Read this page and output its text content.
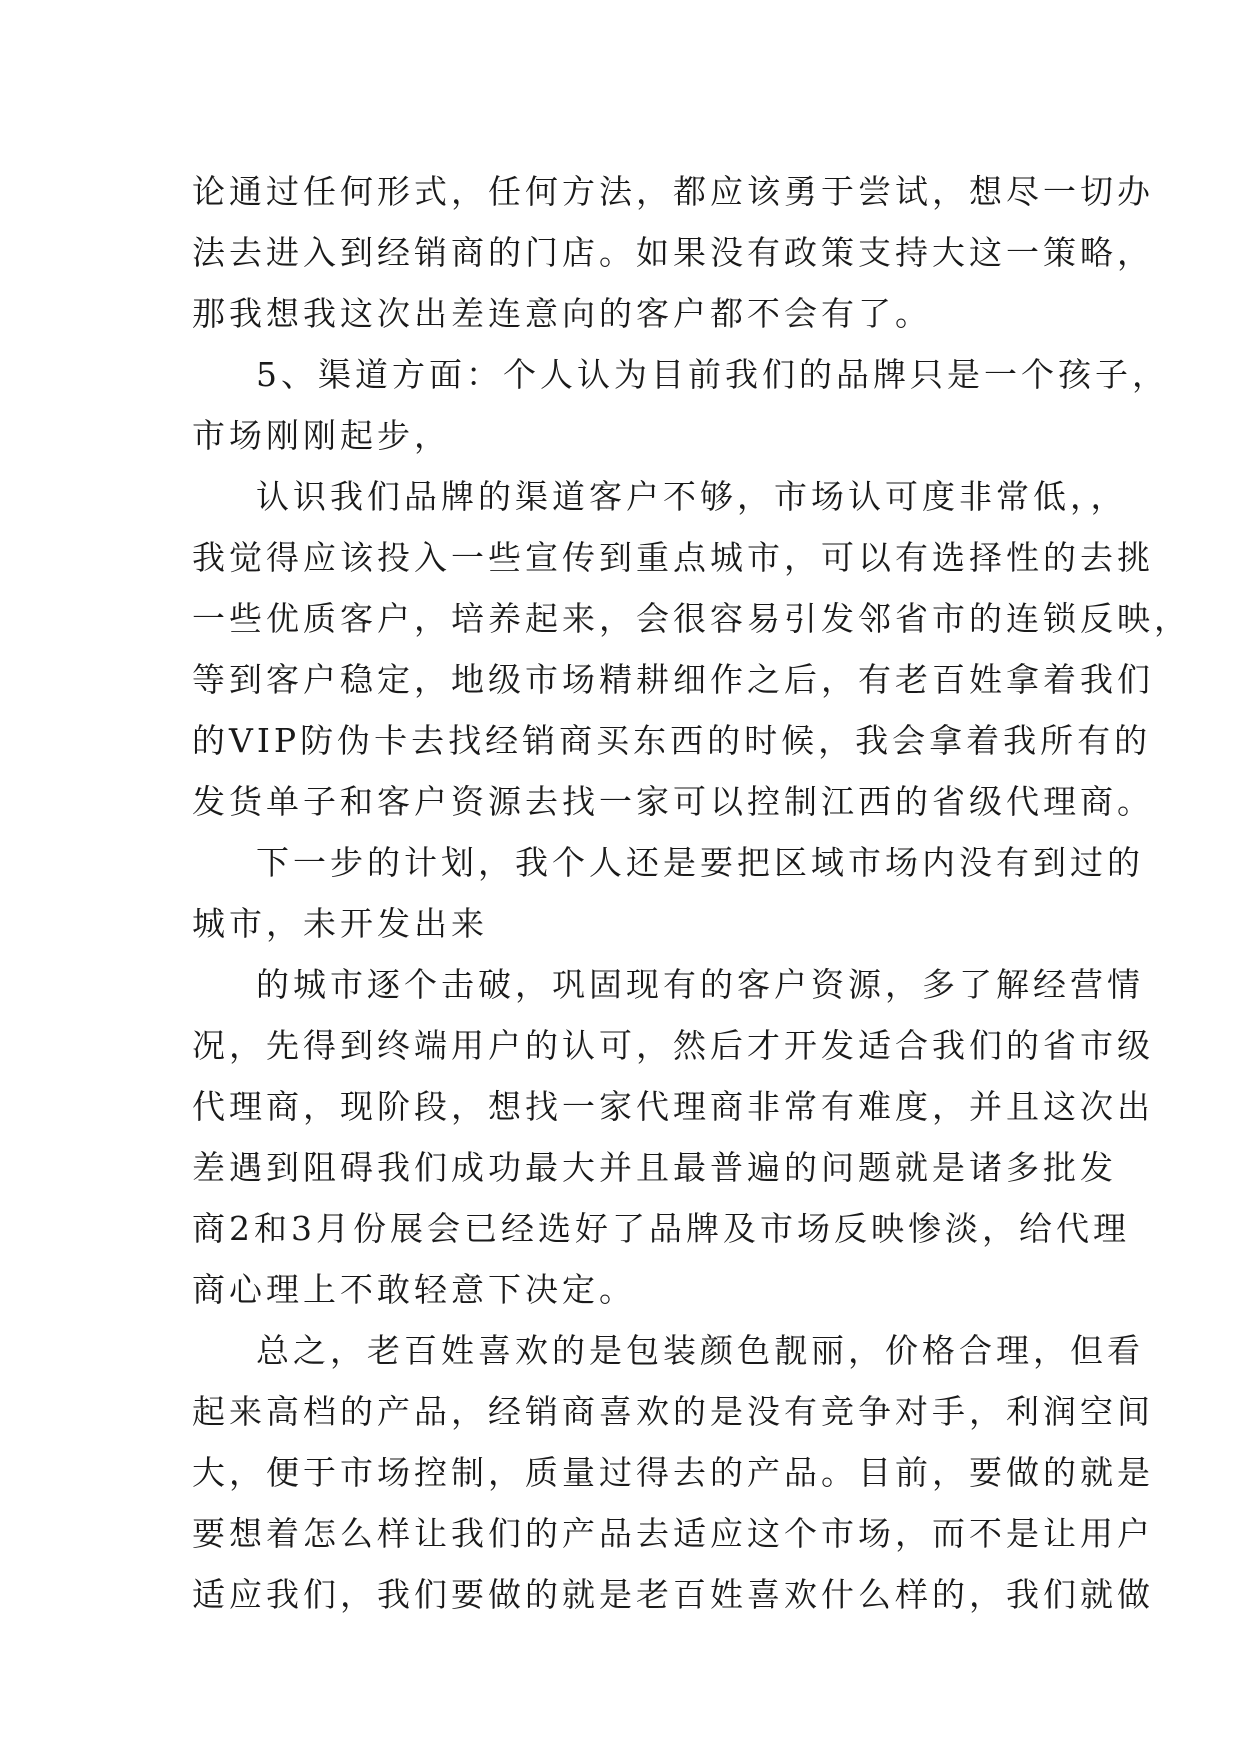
论通过任何形式，任何方法，都应该勇于尝试，想尽一切办
法去进入到经销商的门店。如果没有政策支持大这一策略，
那我想我这次出差连意向的客户都不会有了。
5、渠道方面：个人认为目前我们的品牌只是一个孩子，
市场刚刚起步，
认识我们品牌的渠道客户不够，市场认可度非常低，，
我觉得应该投入一些宣传到重点城市，可以有选择性的去挑
一些优质客户，培养起来，会很容易引发邻省市的连锁反映，
等到客户稳定，地级市场精耕细作之后，有老百姓拿着我们
的VIP防伪卡去找经销商买东西的时候，我会拿着我所有的
发货单子和客户资源去找一家可以控制江西的省级代理商。
下一步的计划，我个人还是要把区域市场内没有到过的
城市，未开发出来
的城市逐个击破，巩固现有的客户资源，多了解经营情
况，先得到终端用户的认可，然后才开发适合我们的省市级
代理商，现阶段，想找一家代理商非常有难度，并且这次出
差遇到阻碍我们成功最大并且最普遍的问题就是诸多批发
商2和3月份展会已经选好了品牌及市场反映惨淡，给代理
商心理上不敢轻意下决定。
总之，老百姓喜欢的是包装颜色靓丽，价格合理，但看
起来高档的产品，经销商喜欢的是没有竞争对手，利润空间
大，便于市场控制，质量过得去的产品。目前，要做的就是
要想着怎么样让我们的产品去适应这个市场，而不是让用户
适应我们，我们要做的就是老百姓喜欢什么样的，我们就做
